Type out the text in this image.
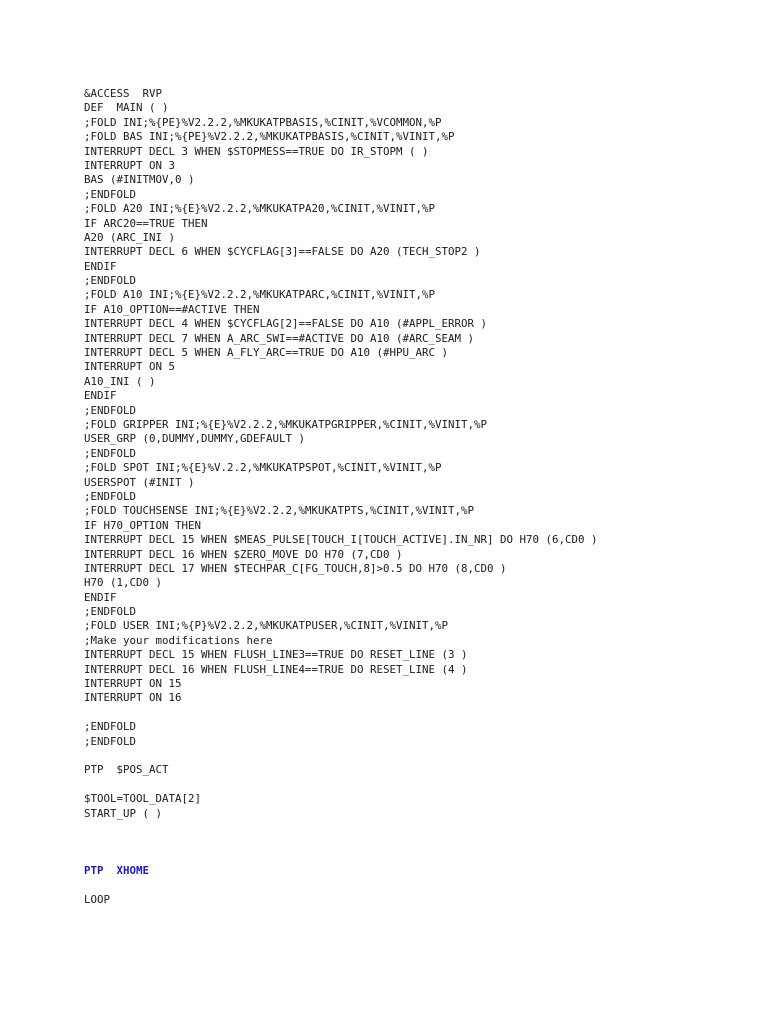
&ACCESS  RVP
DEF  MAIN ( )
;FOLD INI;%{PE}%V2.2.2,%MKUKATPBASIS,%CINIT,%VCOMMON,%P
;FOLD BAS INI;%{PE}%V2.2.2,%MKUKATPBASIS,%CINIT,%VINIT,%P
INTERRUPT DECL 3 WHEN $STOPMESS==TRUE DO IR_STOPM ( )
INTERRUPT ON 3
BAS (#INITMOV,0 )
;ENDFOLD
;FOLD A20 INI;%{E}%V2.2.2,%MKUKATPA20,%CINIT,%VINIT,%P
IF ARC20==TRUE THEN
A20 (ARC_INI )
INTERRUPT DECL 6 WHEN $CYCFLAG[3]==FALSE DO A20 (TECH_STOP2 )
ENDIF
;ENDFOLD
;FOLD A10 INI;%{E}%V2.2.2,%MKUKATPARC,%CINIT,%VINIT,%P
IF A10_OPTION==#ACTIVE THEN
INTERRUPT DECL 4 WHEN $CYCFLAG[2]==FALSE DO A10 (#APPL_ERROR )
INTERRUPT DECL 7 WHEN A_ARC_SWI==#ACTIVE DO A10 (#ARC_SEAM )
INTERRUPT DECL 5 WHEN A_FLY_ARC==TRUE DO A10 (#HPU_ARC )
INTERRUPT ON 5
A10_INI ( )
ENDIF
;ENDFOLD
;FOLD GRIPPER INI;%{E}%V2.2.2,%MKUKATPGRIPPER,%CINIT,%VINIT,%P
USER_GRP (0,DUMMY,DUMMY,GDEFAULT )
;ENDFOLD
;FOLD SPOT INI;%{E}%V.2.2,%MKUKATPSPOT,%CINIT,%VINIT,%P
USERSPOT (#INIT )
;ENDFOLD
;FOLD TOUCHSENSE INI;%{E}%V2.2.2,%MKUKATPTS,%CINIT,%VINIT,%P
IF H70_OPTION THEN
INTERRUPT DECL 15 WHEN $MEAS_PULSE[TOUCH_I[TOUCH_ACTIVE].IN_NR] DO H70 (6,CD0 )
INTERRUPT DECL 16 WHEN $ZERO_MOVE DO H70 (7,CD0 )
INTERRUPT DECL 17 WHEN $TECHPAR_C[FG_TOUCH,8]>0.5 DO H70 (8,CD0 )
H70 (1,CD0 )
ENDIF
;ENDFOLD
;FOLD USER INI;%{P}%V2.2.2,%MKUKATPUSER,%CINIT,%VINIT,%P
;Make your modifications here
INTERRUPT DECL 15 WHEN FLUSH_LINE3==TRUE DO RESET_LINE (3 )
INTERRUPT DECL 16 WHEN FLUSH_LINE4==TRUE DO RESET_LINE (4 )
INTERRUPT ON 15
INTERRUPT ON 16
;ENDFOLD
;ENDFOLD
PTP  $POS_ACT
$TOOL=TOOL_DATA[2]
START_UP ( )
PTP  XHOME
LOOP
